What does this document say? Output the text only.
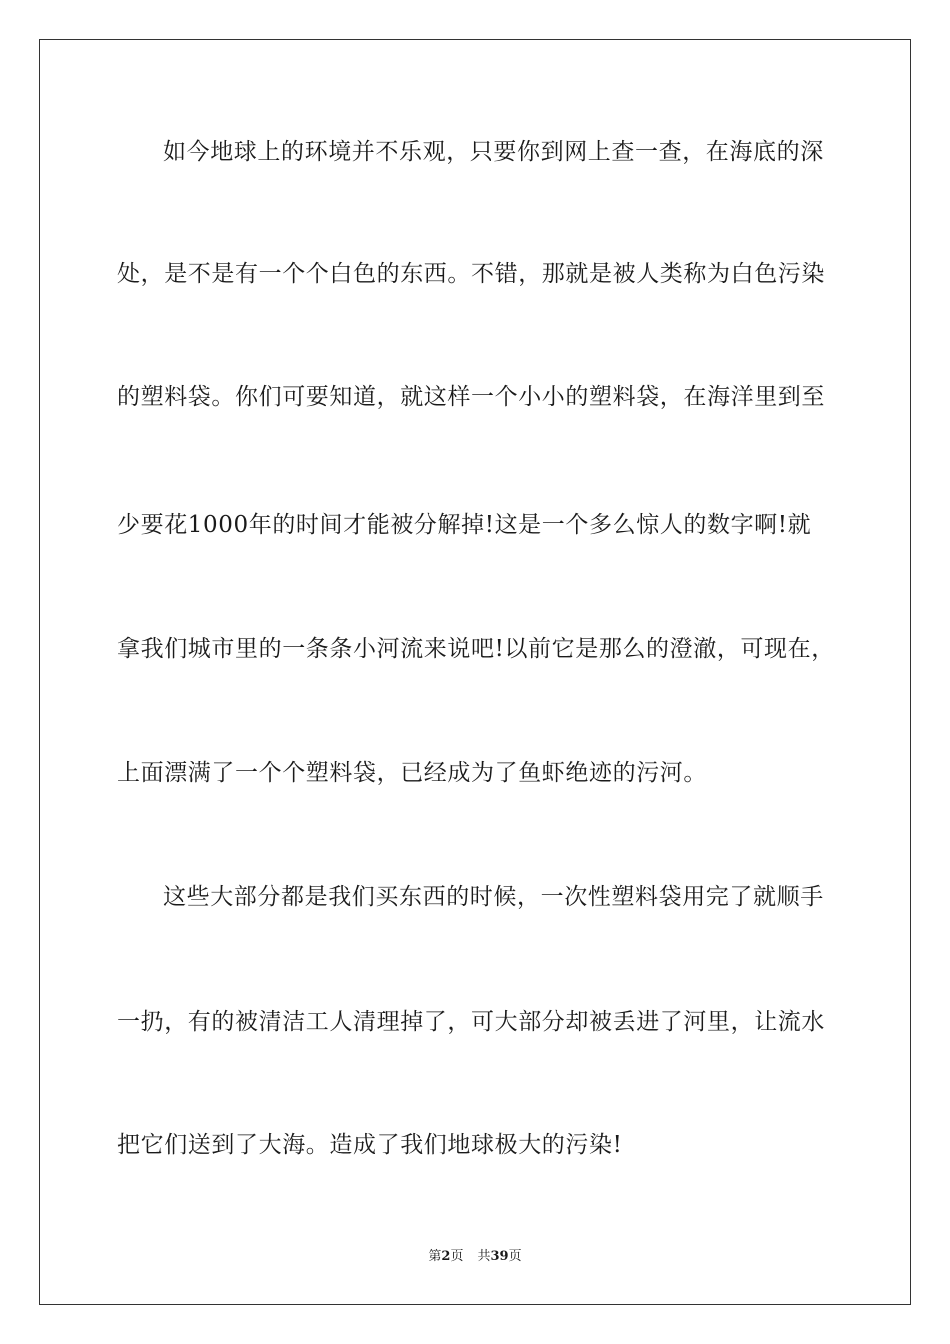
如今地球上的环境并不乐观，只要你到网上查一查，在海底的深
处，是不是有一个个白色的东西。不错，那就是被人类称为白色污染
的塑料袋。你们可要知道，就这样一个小小的塑料袋，在海洋里到至
少要花1000年的时间才能被分解掉!这是一个多么惊人的数字啊!就
拿我们城市里的一条条小河流来说吧!以前它是那么的澄澈，可现在，
上面漂满了一个个塑料袋，已经成为了鱼虾绝迹的污河。
这些大部分都是我们买东西的时候，一次性塑料袋用完了就顺手
一扔，有的被清洁工人清理掉了，可大部分却被丢进了河里，让流水
把它们送到了大海。造成了我们地球极大的污染!
第2页 共39页
